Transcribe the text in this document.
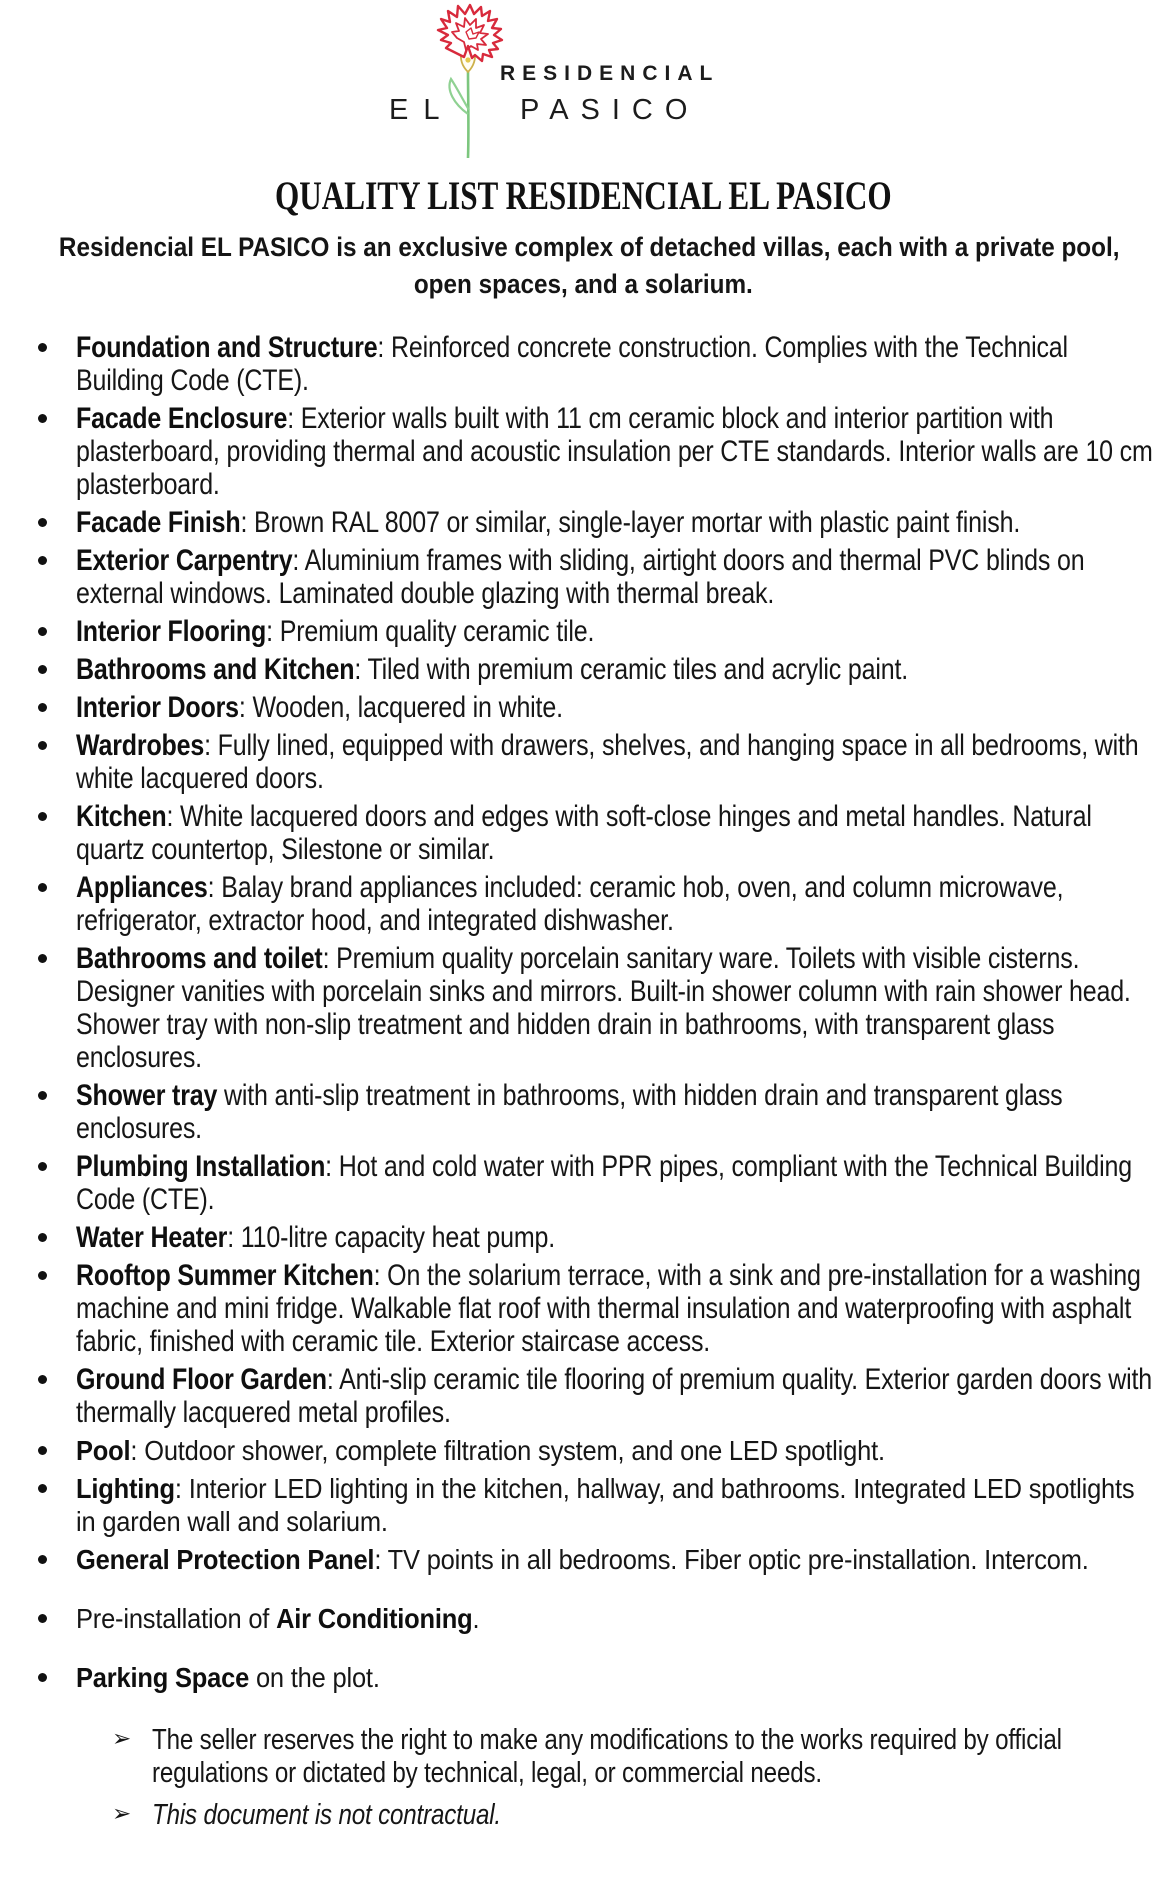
RESIDENCIAL
EL PASICO
QUALITY LIST RESIDENCIAL EL PASICO
Residencial EL PASICO is an exclusive complex of detached villas, each with a private pool,
open spaces, and a solarium.
Foundation and Structure: Reinforced concrete construction. Complies with the Technical Building Code (CTE).
Facade Enclosure: Exterior walls built with 11 cm ceramic block and interior partition with plasterboard, providing thermal and acoustic insulation per CTE standards. Interior walls are 10 cm plasterboard.
Facade Finish: Brown RAL 8007 or similar, single-layer mortar with plastic paint finish.
Exterior Carpentry: Aluminium frames with sliding, airtight doors and thermal PVC blinds on external windows. Laminated double glazing with thermal break.
Interior Flooring: Premium quality ceramic tile.
Bathrooms and Kitchen: Tiled with premium ceramic tiles and acrylic paint.
Interior Doors: Wooden, lacquered in white.
Wardrobes: Fully lined, equipped with drawers, shelves, and hanging space in all bedrooms, with white lacquered doors.
Kitchen: White lacquered doors and edges with soft-close hinges and metal handles. Natural quartz countertop, Silestone or similar.
Appliances: Balay brand appliances included: ceramic hob, oven, and column microwave, refrigerator, extractor hood, and integrated dishwasher.
Bathrooms and toilet: Premium quality porcelain sanitary ware. Toilets with visible cisterns. Designer vanities with porcelain sinks and mirrors. Built-in shower column with rain shower head. Shower tray with non-slip treatment and hidden drain in bathrooms, with transparent glass enclosures.
Shower tray with anti-slip treatment in bathrooms, with hidden drain and transparent glass enclosures.
Plumbing Installation: Hot and cold water with PPR pipes, compliant with the Technical Building Code (CTE).
Water Heater: 110-litre capacity heat pump.
Rooftop Summer Kitchen: On the solarium terrace, with a sink and pre-installation for a washing machine and mini fridge. Walkable flat roof with thermal insulation and waterproofing with asphalt fabric, finished with ceramic tile. Exterior staircase access.
Ground Floor Garden: Anti-slip ceramic tile flooring of premium quality. Exterior garden doors with thermally lacquered metal profiles.
Pool: Outdoor shower, complete filtration system, and one LED spotlight.
Lighting: Interior LED lighting in the kitchen, hallway, and bathrooms. Integrated LED spotlights in garden wall and solarium.
General Protection Panel: TV points in all bedrooms. Fiber optic pre-installation. Intercom.
Pre-installation of Air Conditioning.
Parking Space on the plot.
➢ The seller reserves the right to make any modifications to the works required by official regulations or dictated by technical, legal, or commercial needs.
➢ This document is not contractual.
